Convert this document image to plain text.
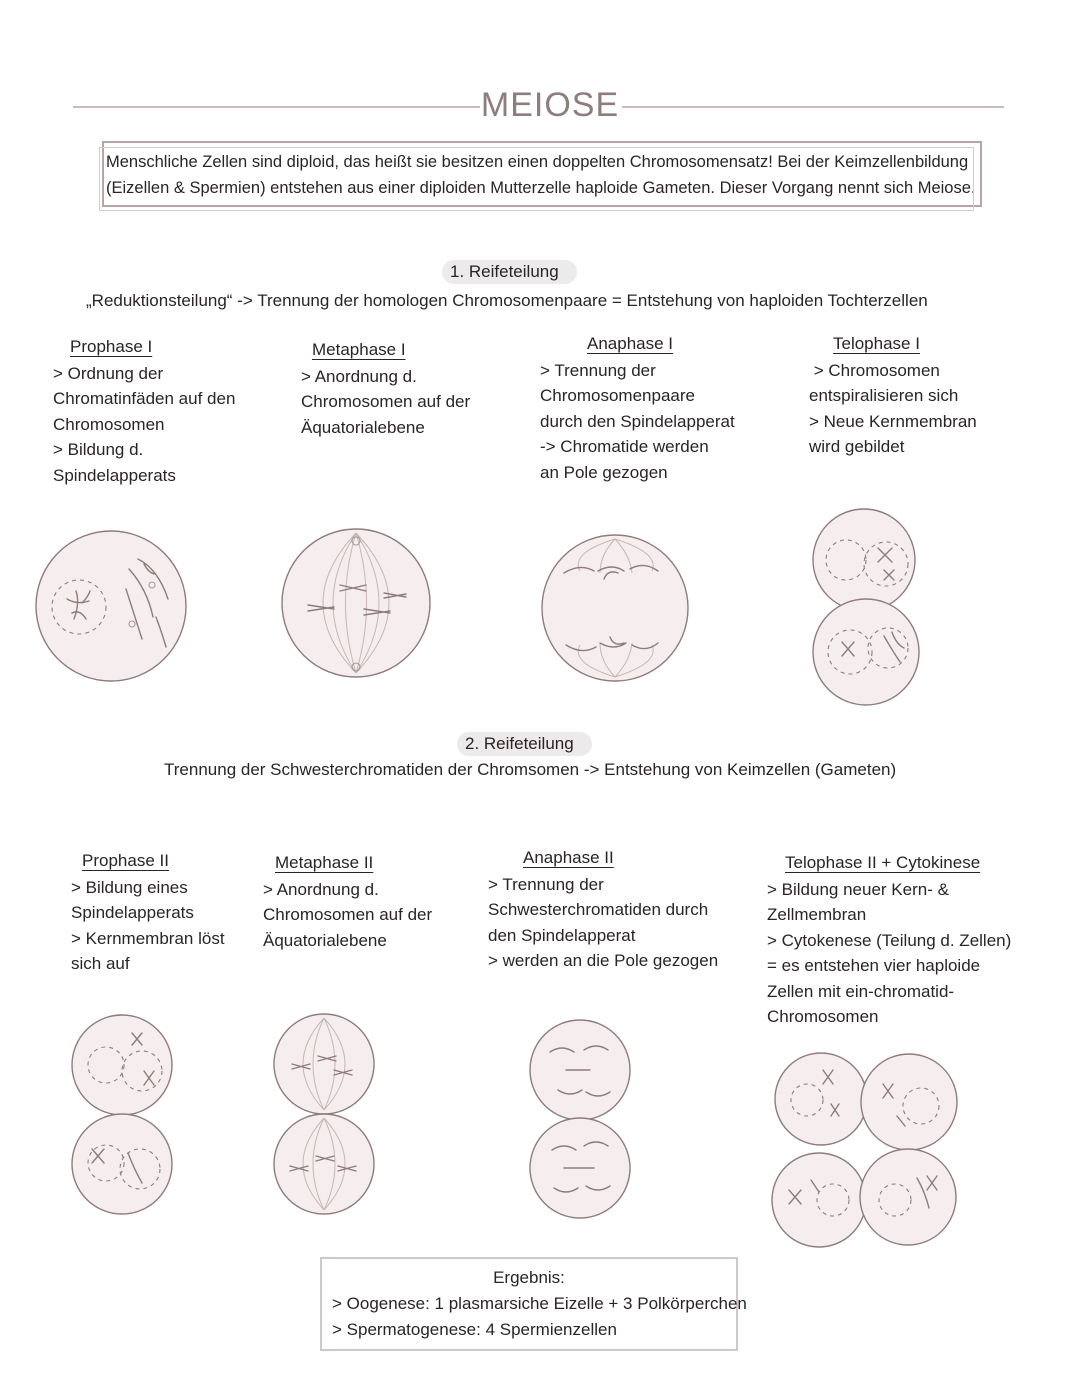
MEIOSE
Menschliche Zellen sind diploid, das heißt sie besitzen einen doppelten Chromosomensatz! Bei der Keimzellenbildung
(Eizellen & Spermien) entstehen aus einer diploiden Mutterzelle haploide Gameten. Dieser Vorgang nennt sich Meiose.
1. Reifeteilung
„Reduktionsteilung“ -> Trennung der homologen Chromosomenpaare = Entstehung von haploiden Tochterzellen
Prophase I
> Ordnung der
Chromatinfäden auf den
Chromosomen
> Bildung d.
Spindelapperats
Metaphase I
> Anordnung d.
Chromosomen auf der
Äquatorialebene
Anaphase I
> Trennung der
Chromosomenpaare
durch den Spindelapperat
-> Chromatide werden
an Pole gezogen
Telophase I
> Chromosomen
entspiralisieren sich
> Neue Kernmembran
wird gebildet
2. Reifeteilung
Trennung der Schwesterchromatiden der Chromsomen -> Entstehung von Keimzellen (Gameten)
Prophase II
> Bildung eines
Spindelapperats
> Kernmembran löst
sich auf
Metaphase II
> Anordnung d.
Chromosomen auf der
Äquatorialebene
Anaphase II
> Trennung der
Schwesterchromatiden durch
den Spindelapperat
> werden an die Pole gezogen
Telophase II + Cytokinese
> Bildung neuer Kern- &
Zellmembran
> Cytokenese (Teilung d. Zellen)
= es entstehen vier haploide
Zellen mit ein-chromatid-
Chromosomen
Ergebnis:
> Oogenese: 1 plasmarsiche Eizelle + 3 Polkörperchen
> Spermatogenese: 4 Spermienzellen
